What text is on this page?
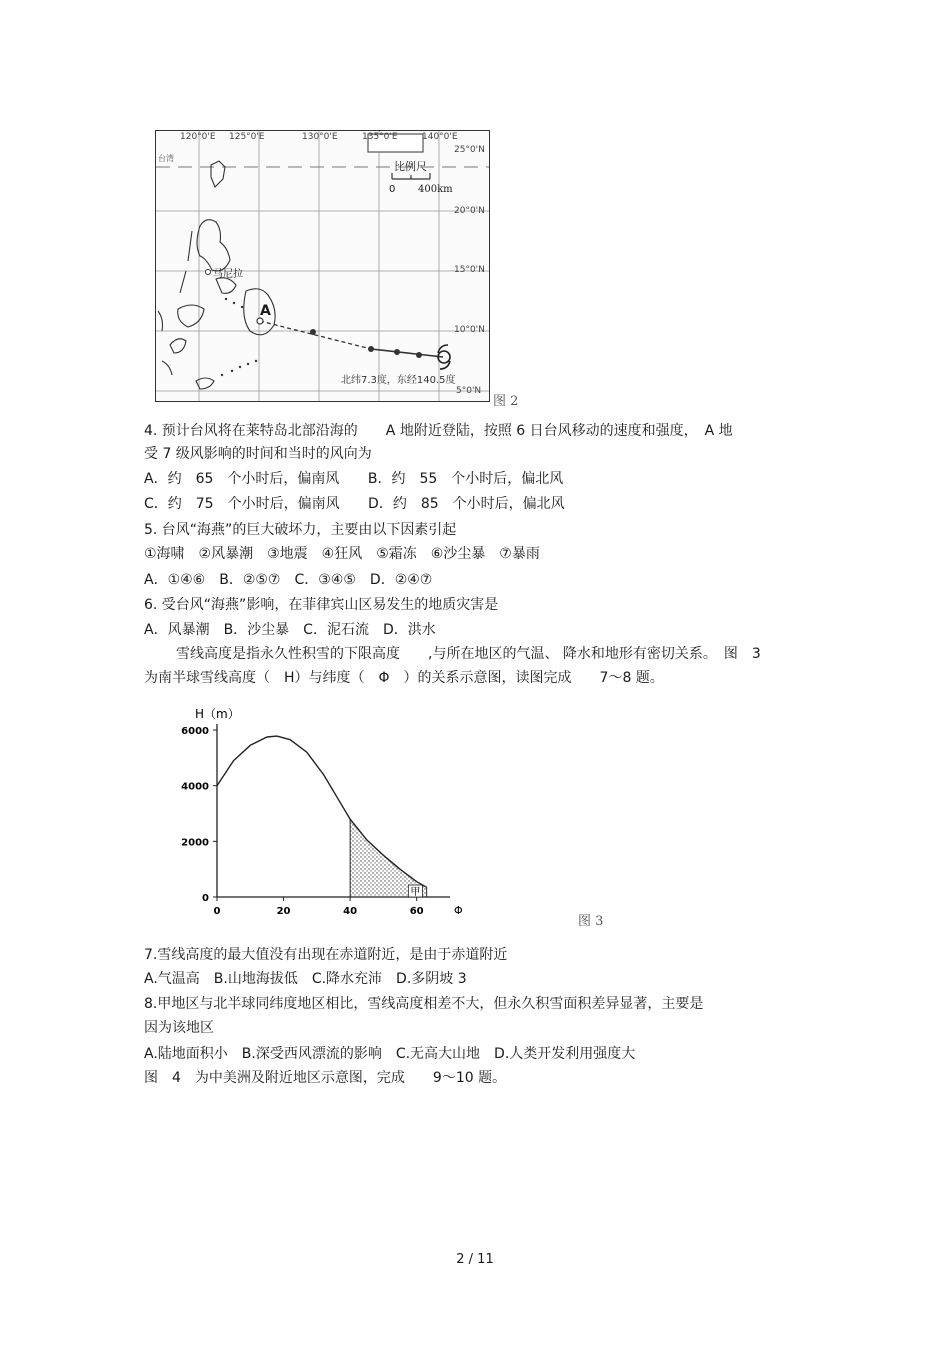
120°0'E 125°0'E	130°0'E	135°0'E	140°0'E
25°0'N
20°0'N
15°0'N
10°0'N
5°0'N
台湾
比例尺
0 400km
马尼拉
A
北纬7.3度，东经140.5度
图 2
4. 预计台风将在莱特岛北部沿海的　　A 地附近登陆，按照 6 日台风移动的速度和强度，　A 地
受 7 级风影响的时间和当时的风向为
A．约　65　个小时后，偏南风 B．约　55　个小时后，偏北风
C．约　75　个小时后，偏南风 D．约　85　个小时后，偏北风
5. 台风“海燕”的巨大破坏力，主要由以下因素引起
①海啸　②风暴潮　③地震　④狂风　⑤霜冻　⑥沙尘暴　⑦暴雨
A．①④⑥　B．②⑤⑦　C．③④⑤　D．②④⑦
6. 受台风“海燕”影响，在菲律宾山区易发生的地质灾害是
A．风暴潮　B．沙尘暴　C．泥石流　D．洪水
雪线高度是指永久性积雪的下限高度　　,与所在地区的气温、 降水和地形有密切关系。　图　3
为南半球雪线高度（　H）与纬度（　Φ　）的关系示意图，读图完成　　7～8 题。
0	20	40	60
0
2000
4000
6000
H（m）
Φ
甲
图 3
7.雪线高度的最大值没有出现在赤道附近，是由于赤道附近
A.气温高　B.山地海拔低　C.降水充沛　D.多阴坡 3
8.甲地区与北半球同纬度地区相比，雪线高度相差不大，但永久积雪面积差异显著，主要是
因为该地区
A.陆地面积小　B.深受西风漂流的影响　C.无高大山地　D.人类开发利用强度大
图　4　为中美洲及附近地区示意图，完成　　9～10 题。
2 / 11
